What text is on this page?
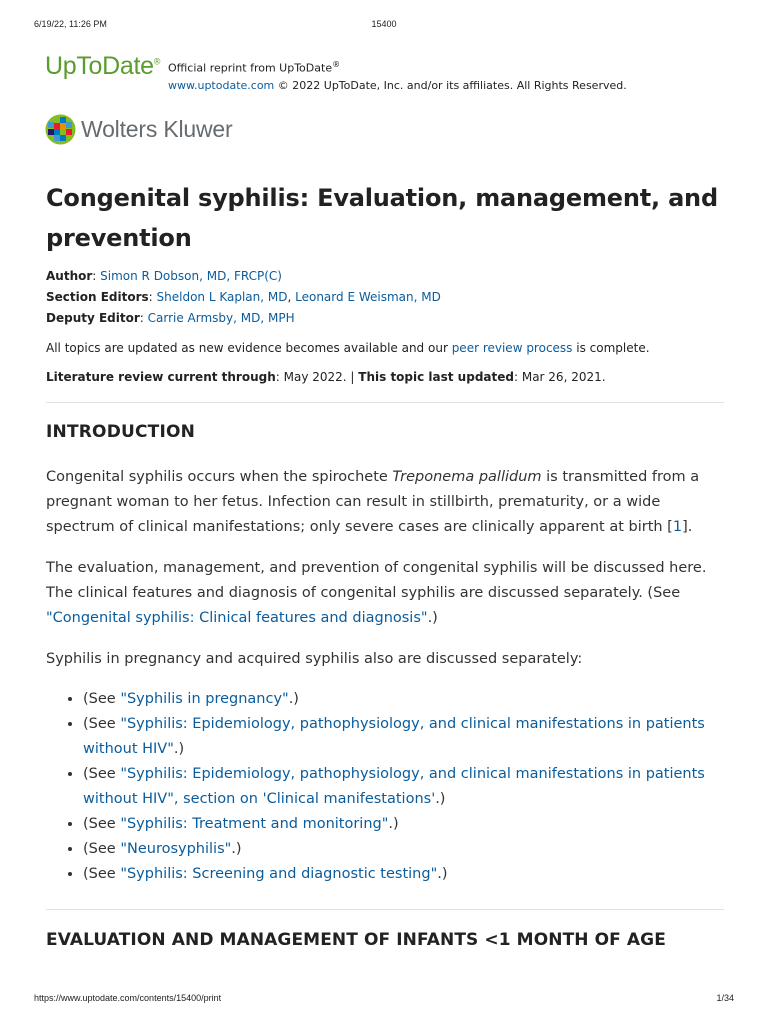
6/19/22, 11:26 PM	15400
UpToDate® Official reprint from UpToDate®
www.uptodate.com © 2022 UpToDate, Inc. and/or its affiliates. All Rights Reserved.
Wolters Kluwer
Congenital syphilis: Evaluation, management, and prevention
Author: Simon R Dobson, MD, FRCP(C)
Section Editors: Sheldon L Kaplan, MD, Leonard E Weisman, MD
Deputy Editor: Carrie Armsby, MD, MPH
All topics are updated as new evidence becomes available and our peer review process is complete.
Literature review current through: May 2022. | This topic last updated: Mar 26, 2021.
INTRODUCTION

Congenital syphilis occurs when the spirochete Treponema pallidum is transmitted from a pregnant woman to her fetus. Infection can result in stillbirth, prematurity, or a wide spectrum of clinical manifestations; only severe cases are clinically apparent at birth [1].

The evaluation, management, and prevention of congenital syphilis will be discussed here. The clinical features and diagnosis of congenital syphilis are discussed separately. (See "Congenital syphilis: Clinical features and diagnosis".)

Syphilis in pregnancy and acquired syphilis also are discussed separately:

• (See "Syphilis in pregnancy".)
• (See "Syphilis: Epidemiology, pathophysiology, and clinical manifestations in patients without HIV".)
• (See "Syphilis: Epidemiology, pathophysiology, and clinical manifestations in patients without HIV", section on 'Clinical manifestations'.)
• (See "Syphilis: Treatment and monitoring".)
• (See "Neurosyphilis".)
• (See "Syphilis: Screening and diagnostic testing".)
EVALUATION AND MANAGEMENT OF INFANTS <1 MONTH OF AGE
https://www.uptodate.com/contents/15400/print	1/34
